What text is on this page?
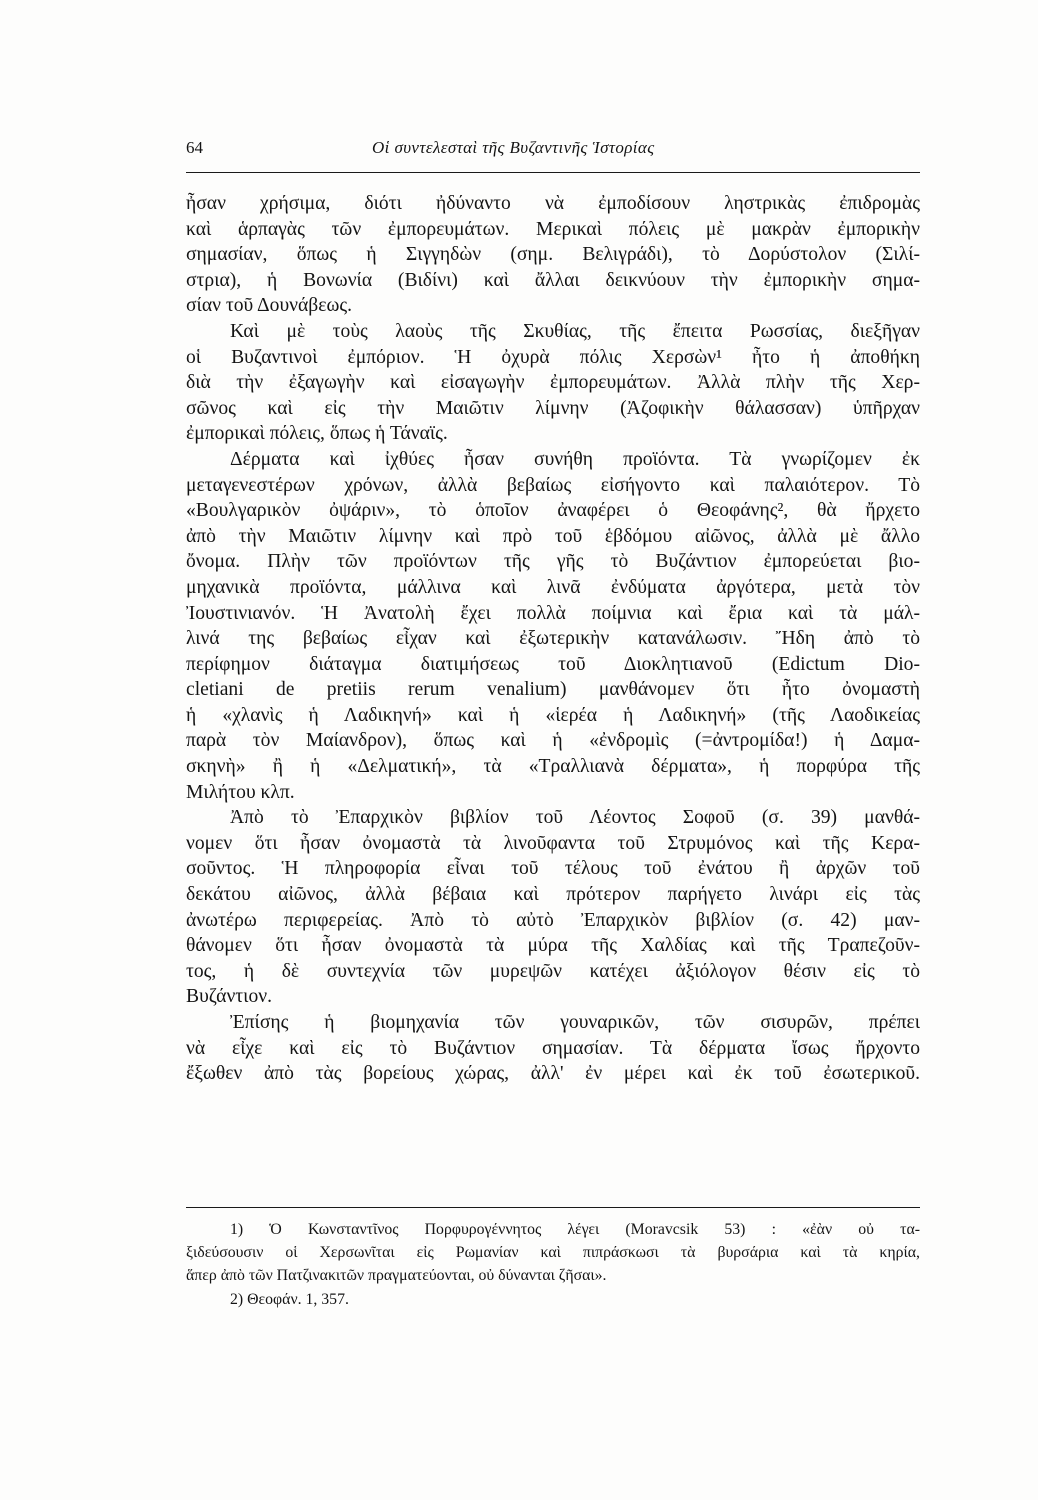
64	Οἱ συντελεσταὶ τῆς Βυζαντινῆς Ἱστορίας
ἦσαν χρήσιμα, διότι ἠδύναντο νὰ ἐμποδίσουν ληστρικὰς ἐπιδρομὰς
καὶ ἁρπαγὰς τῶν ἐμπορευμάτων. Μερικαὶ πόλεις μὲ μακρὰν ἐμπορικὴν
σημασίαν, ὅπως ἡ Σιγγηδὼν (σημ. Βελιγράδι), τὸ Δορύστολον (Σιλί-
στρια), ἡ Βονωνία (Βιδίνι) καὶ ἄλλαι δεικνύουν τὴν ἐμπορικὴν σημα-
σίαν τοῦ Δουνάβεως.
Καὶ μὲ τοὺς λαοὺς τῆς Σκυθίας, τῆς ἔπειτα Ρωσσίας, διεξῆγαν
οἱ Βυζαντινοὶ ἐμπόριον. Ἡ ὀχυρὰ πόλις Χερσὼν¹ ἦτο ἡ ἀποθήκη
διὰ τὴν ἐξαγωγὴν καὶ εἰσαγωγὴν ἐμπορευμάτων. Ἀλλὰ πλὴν τῆς Χερ-
σῶνος καὶ εἰς τὴν Μαιῶτιν λίμνην (Ἀζοφικὴν θάλασσαν) ὑπῆρχαν
ἐμπορικαὶ πόλεις, ὅπως ἡ Τάναϊς.
Δέρματα καὶ ἰχθύες ἦσαν συνήθη προϊόντα. Τὰ γνωρίζομεν ἐκ
μεταγενεστέρων χρόνων, ἀλλὰ βεβαίως εἰσήγοντο καὶ παλαιότερον. Τὸ
«Βουλγαρικὸν ὀψάριν», τὸ ὁποῖον ἀναφέρει ὁ Θεοφάνης², θὰ ἤρχετο
ἀπὸ τὴν Μαιῶτιν λίμνην καὶ πρὸ τοῦ ἑβδόμου αἰῶνος, ἀλλὰ μὲ ἄλλο
ὄνομα. Πλὴν τῶν προϊόντων τῆς γῆς τὸ Βυζάντιον ἐμπορεύεται βιο-
μηχανικὰ προϊόντα, μάλλινα καὶ λινᾶ ἐνδύματα ἀργότερα, μετὰ τὸν
Ἰουστινιανόν. Ἡ Ἀνατολὴ ἔχει πολλὰ ποίμνια καὶ ἔρια καὶ τὰ μάλ-
λινά της βεβαίως εἶχαν καὶ ἐξωτερικὴν κατανάλωσιν. Ἤδη ἀπὸ τὸ
περίφημον διάταγμα διατιμήσεως τοῦ Διοκλητιανοῦ (Edictum Dio-
cletiani de pretiis rerum venalium) μανθάνομεν ὅτι ἦτο ὀνομαστὴ
ἡ «χλανὶς ἡ Λαδικηνή» καὶ ἡ «ἱερέα ἡ Λαδικηνή» (τῆς Λαοδικείας
παρὰ τὸν Μαίανδρον), ὅπως καὶ ἡ «ἐνδρομὶς (=ἀντρομίδα!) ἡ Δαμα-
σκηνὴ» ἢ ἡ «Δελματική», τὰ «Τραλλιανὰ δέρματα», ἡ πορφύρα τῆς
Μιλήτου κλπ.
Ἀπὸ τὸ Ἐπαρχικὸν βιβλίον τοῦ Λέοντος Σοφοῦ (σ. 39) μανθά-
νομεν ὅτι ἦσαν ὀνομαστὰ τὰ λινοῦφαντα τοῦ Στρυμόνος καὶ τῆς Κερα-
σοῦντος. Ἡ πληροφορία εἶναι τοῦ τέλους τοῦ ἐνάτου ἢ ἀρχῶν τοῦ
δεκάτου αἰῶνος, ἀλλὰ βέβαια καὶ πρότερον παρήγετο λινάρι εἰς τὰς
ἀνωτέρω περιφερείας. Ἀπὸ τὸ αὐτὸ Ἐπαρχικὸν βιβλίον (σ. 42) μαν-
θάνομεν ὅτι ἦσαν ὀνομαστὰ τὰ μύρα τῆς Χαλδίας καὶ τῆς Τραπεζοῦν-
τος, ἡ δὲ συντεχνία τῶν μυρεψῶν κατέχει ἀξιόλογον θέσιν εἰς τὸ
Βυζάντιον.
Ἐπίσης ἡ βιομηχανία τῶν γουναρικῶν, τῶν σισυρῶν, πρέπει
νὰ εἶχε καὶ εἰς τὸ Βυζάντιον σημασίαν. Τὰ δέρματα ἴσως ἤρχοντο
ἔξωθεν ἀπὸ τὰς βορείους χώρας, ἀλλ' ἐν μέρει καὶ ἐκ τοῦ ἐσωτερικοῦ.
1) Ὁ Κωνσταντῖνος Πορφυρογέννητος λέγει (Moravcsik 53) : «ἐὰν οὐ τα-
ξιδεύσουσιν οἱ Χερσωνῖται εἰς Ρωμανίαν καὶ πιπράσκωσι τὰ βυρσάρια καὶ τὰ κηρία,
ἅπερ ἀπὸ τῶν Πατζινακιτῶν πραγματεύονται, οὐ δύνανται ζῆσαι».
2) Θεοφάν. 1, 357.
